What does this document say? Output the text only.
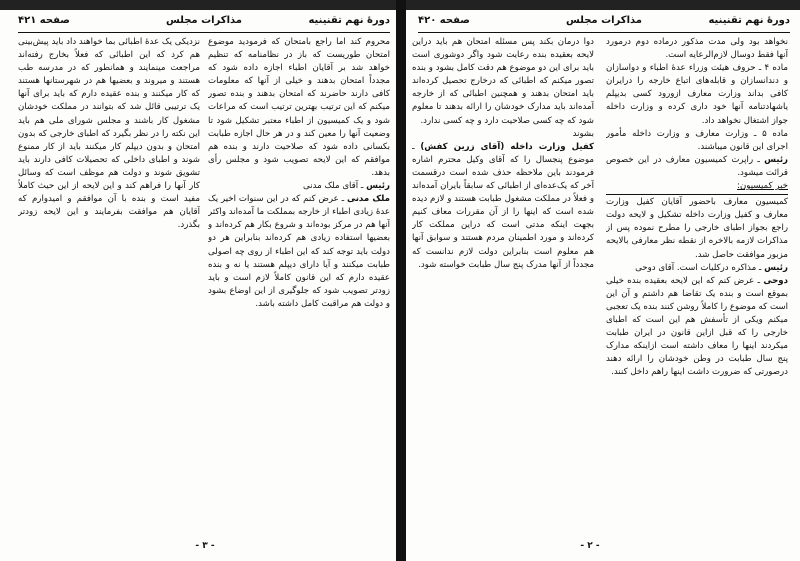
دورهٔ نهم تقنینیه
مذاکرات مجلس
صفحه ۴۲۱

محروم کند اما راجع بامتحان که فرمودید موضوع امتحان طوریست که باز در نظامنامه که تنظیم خواهد شد بر آقایان اطباء اجازه داده شود که مجدداً امتحان بدهند و خیلی از آنها که معلومات کافی دارند حاضرند که امتحان بدهند و بنده تصور میکنم که این ترتیب بهترین ترتیب است که مراعات شود و یک کمیسیون از اطباء معتبر تشکیل شود تا وضعیت آنها را معین کند و در هر حال اجازه طبابت بکسانی داده شود که صلاحیت دارند و بنده هم موافقم که این لایحه تصویب شود و مجلس رأی بدهد.

رئیس ـ آقای ملک مدنی

ملک مدنی ـ عرض کنم که در این سنوات اخیر یک عدهٔ زیادی اطباء از خارجه بمملکت ما آمده‌اند واکثر آنها هم در مرکز بوده‌اند و شروع بکار هم کرده‌اند و بعضیها استفاده زیادی هم کرده‌اند بنابراین هر دو دولت باید توجه کند که این اطباء از روی چه اصولی طبابت میکنند و آیا دارای دیپلم هستند یا نه و بنده عقیده دارم که این قانون کاملاً لازم است و باید زودتر تصویب شود که جلوگیری از این اوضاع بشود و دولت هم مراقبت کامل داشته باشد.

نزدیکی یک عدهٔ اطبائی بما خواهند داد باید پیش‌بینی هم کرد که این اطبائی که فعلاً بخارج رفته‌اند مراجعت مینمایند و همانطور که در مدرسه طب هستند و میروند و بعضیها هم در شهرستانها هستند که کار میکنند و بنده عقیده دارم که باید برای آنها یک ترتیبی قائل شد که بتوانند در مملکت خودشان مشغول کار باشند و مجلس شورای ملی هم باید این نکته را در نظر بگیرد که اطبای خارجی که بدون امتحان و بدون دیپلم کار میکنند باید از کار ممنوع شوند و اطبای داخلی که تحصیلات کافی دارند باید تشویق شوند و دولت هم موظف است که وسائل کار آنها را فراهم کند و این لایحه از این حیث کاملاً مفید است و بنده با آن موافقم و امیدوارم که آقایان هم موافقت بفرمایند و این لایحه زودتر بگذرد.

- ۳ -
دورهٔ نهم تقنینیه
مذاکرات مجلس
صفحه ۴۲۰

نخواهد بود ولی مدت مذکور درماده دوم درمورد آنها فقط دوسال لازم‌الرعایه است.

ماده ۴ ـ حروف هیئت وزراء عدهٔ اطباء و دواسازان و دندانسازان و قابله‌های اتباع خارجه را درایران کافی بداند وزارت معارف ازورود کسی بدیپلم یاشهادتنامه آنها خود داری کرده و وزارت داخله جواز اشتغال نخواهد داد.

ماده ۵ ـ وزارت معارف و وزارت داخله مأمور اجرای این قانون میباشند.

رئیس ـ راپرت کمیسیون معارف در این خصوص قرائت میشود.

خبر کمیسیون:

کمیسیون معارف باحضور آقایان کفیل وزارت معارف و کفیل وزارت داخله تشکیل و لایحه دولت راجع بجواز اطبای خارجی را مطرح نموده پس از مذاکرات لازمه بالاخره از نقطه نظر معارفی بالایحه مزبور موافقت حاصل شد.

رئیس ـ مذاکره درکلیات است. آقای دوحی

دوحی ـ عرض کنم که این لایحه بعقیده بنده خیلی بموقع است و بنده یک تقاضا هم داشتم و آن این است که موضوع را کاملاً روشن کنند بنده یک تعجبی میکنم ویکی از تأسفش هم این است که اطبای خارجی را که قبل ازاین قانون در ایران طبابت میکردند اینها را معاف داشته است ازاینکه مدارک پنج سال طبابت در وطن خودشان را ارائه دهند درصورتی که ضرورت داشت اینها راهم داخل کنند.

دوا درمان بکند پس مسئله امتحان هم باید دراین لایحه بعقیده بنده رعایت شود واگر دوشوری است باید برای این دو موضوع هم دقت کامل بشود و بنده تصور میکنم که اطبائی که درخارج تحصیل کرده‌اند باید امتحان بدهند و همچنین اطبائی که از خارجه آمده‌اند باید مدارک خودشان را ارائه بدهند تا معلوم شود که چه کسی صلاحیت دارد و چه کسی ندارد.

بشوند

کفیل وزارت داخله (آقای زرین کفش) ـ موضوع پنجسال را که آقای وکیل محترم اشاره فرمودند باین ملاحظه حذف شده است درقسمت آخر که یک‌عده‌ای از اطبائی که سابقاً بایران آمده‌اند و فعلاً در مملکت مشغول طبابت هستند و لازم دیده شده است که اینها را از آن مقررات معاف کنیم بجهت اینکه مدتی است که دراین مملکت کار کرده‌اند و مورد اطمینان مردم هستند و سوابق آنها هم معلوم است بنابراین دولت لازم ندانست که مجدداً از آنها مدرک پنج سال طبابت خواسته شود.

- ۲ -
